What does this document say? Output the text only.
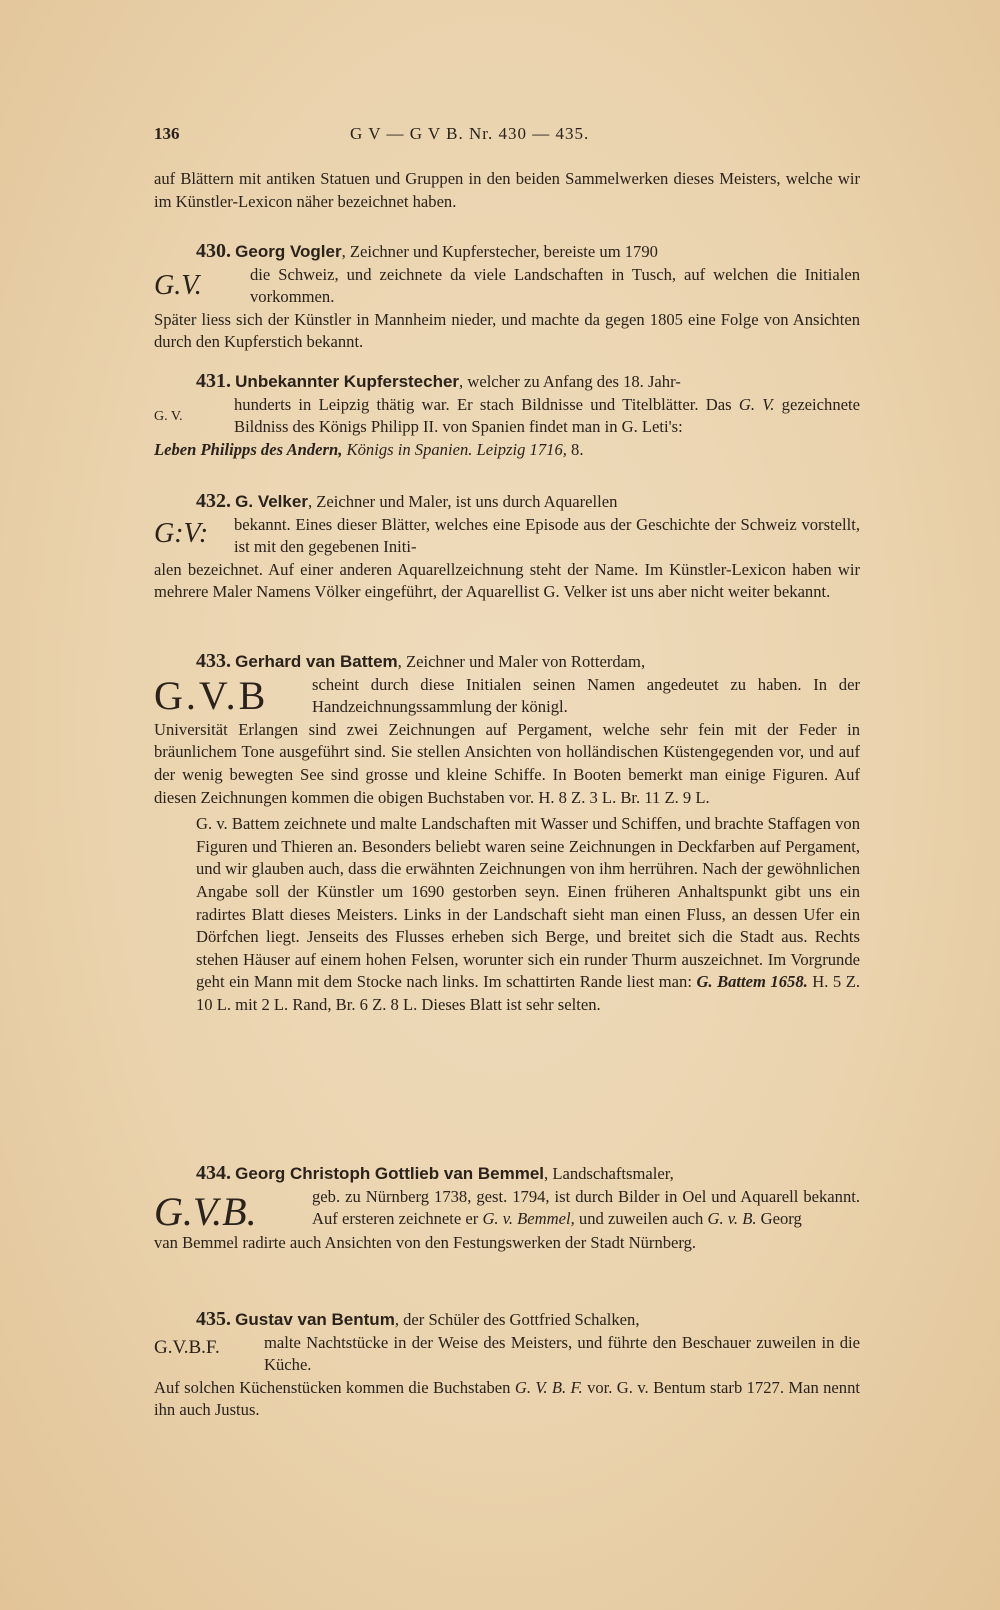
136	G V — G V B. Nr. 430 — 435.
auf Blättern mit antiken Statuen und Gruppen in den beiden Sammelwerken dieses Meisters, welche wir im Künstler-Lexicon näher bezeichnet haben.
430. Georg Vogler, Zeichner und Kupferstecher, bereiste um 1790
G.V.	die Schweiz, und zeichnete da viele Landschaften in Tusch, auf welchen die Initialen vorkommen.
Später liess sich der Künstler in Mannheim nieder, und machte da gegen 1805 eine Folge von Ansichten durch den Kupferstich bekannt.
431. Unbekannter Kupferstecher, welcher zu Anfang des 18. Jahr-
G. V.
hunderts in Leipzig thätig war. Er stach Bildnisse und Titelblätter. Das G. V. gezeichnete Bildniss des Königs Philipp II. von Spanien findet man in G. Leti's:
Leben Philipps des Andern, Königs in Spanien. Leipzig 1716, 8.
432. G. Velker, Zeichner und Maler, ist uns durch Aquarellen
G:V:	bekannt. Eines dieser Blätter, welches eine Episode aus der Geschichte der Schweiz vorstellt, ist mit den gegebenen Initi-
alen bezeichnet. Auf einer anderen Aquarellzeichnung steht der Name. Im Künstler-Lexicon haben wir mehrere Maler Namens Völker eingeführt, der Aquarellist G. Velker ist uns aber nicht weiter bekannt.
433. Gerhard van Battem, Zeichner und Maler von Rotterdam,
G.V.B	scheint durch diese Initialen seinen Namen angedeutet zu haben. In der Handzeichnungssammlung der königl.
Universität Erlangen sind zwei Zeichnungen auf Pergament, welche sehr fein mit der Feder in bräunlichem Tone ausgeführt sind. Sie stellen Ansichten von holländischen Küstengegenden vor, und auf der wenig bewegten See sind grosse und kleine Schiffe. In Booten bemerkt man einige Figuren. Auf diesen Zeichnungen kommen die obigen Buchstaben vor. H. 8 Z. 3 L. Br. 11 Z. 9 L.
G. v. Battem zeichnete und malte Landschaften mit Wasser und Schiffen, und brachte Staffagen von Figuren und Thieren an. Besonders beliebt waren seine Zeichnungen in Deckfarben auf Pergament, und wir glauben auch, dass die erwähnten Zeichnungen von ihm herrühren. Nach der gewöhnlichen Angabe soll der Künstler um 1690 gestorben seyn. Einen früheren Anhaltspunkt gibt uns ein radirtes Blatt dieses Meisters. Links in der Landschaft sieht man einen Fluss, an dessen Ufer ein Dörfchen liegt. Jenseits des Flusses erheben sich Berge, und breitet sich die Stadt aus. Rechts stehen Häuser auf einem hohen Felsen, worunter sich ein runder Thurm auszeichnet. Im Vorgrunde geht ein Mann mit dem Stocke nach links. Im schattirten Rande liest man: G. Battem 1658. H. 5 Z. 10 L. mit 2 L. Rand, Br. 6 Z. 8 L. Dieses Blatt ist sehr selten.
434. Georg Christoph Gottlieb van Bemmel, Landschaftsmaler,
G.V.B.	geb. zu Nürnberg 1738, gest. 1794, ist durch Bilder in Oel und Aquarell bekannt. Auf ersteren zeichnete er G. v. Bemmel, und zuweilen auch G. v. B. Georg
van Bemmel radirte auch Ansichten von den Festungswerken der Stadt Nürnberg.
435. Gustav van Bentum, der Schüler des Gottfried Schalken,
G.V.B.F.	malte Nachtstücke in der Weise des Meisters, und führte den Beschauer zuweilen in die Küche.
Auf solchen Küchenstücken kommen die Buchstaben G. V. B. F. vor. G. v. Bentum starb 1727. Man nennt ihn auch Justus.
